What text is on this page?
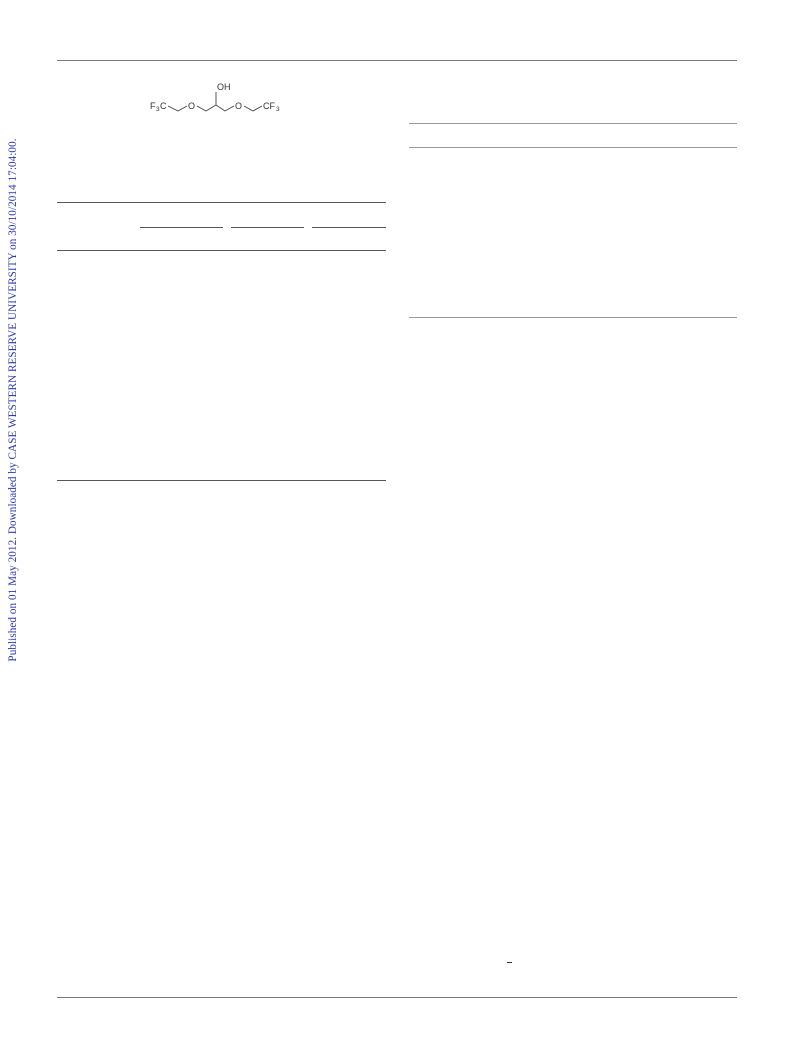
Published on 01 May 2012. Downloaded by CASE WESTERN RESERVE UNIVERSITY on 30/10/2014 17:04:00.
F 3 C O
OH
O CF 3
